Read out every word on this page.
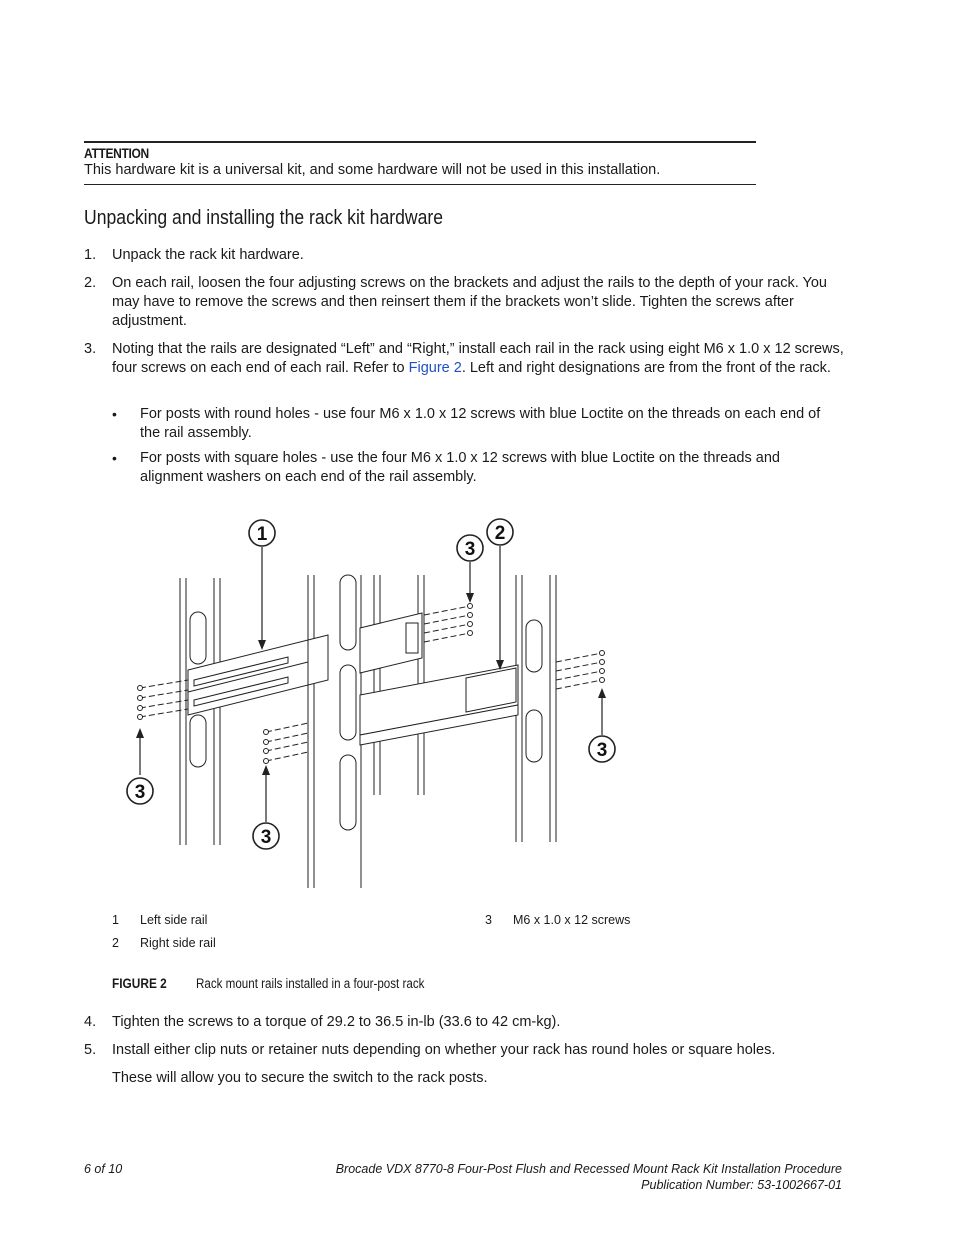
ATTENTION
This hardware kit is a universal kit, and some hardware will not be used in this installation.
Unpacking and installing the rack kit hardware
1. Unpack the rack kit hardware.
2. On each rail, loosen the four adjusting screws on the brackets and adjust the rails to the depth of your rack. You may have to remove the screws and then reinsert them if the brackets won’t slide. Tighten the screws after adjustment.
3. Noting that the rails are designated “Left” and “Right,” install each rail in the rack using eight M6 x 1.0 x 12 screws, four screws on each end of each rail. Refer to Figure 2. Left and right designations are from the front of the rack.
• For posts with round holes - use four M6 x 1.0 x 12 screws with blue Loctite on the threads on each end of the rail assembly.
• For posts with square holes - use the four M6 x 1.0 x 12 screws with blue Loctite on the threads and alignment washers on each end of the rail assembly.
1	2
3
3
3
3
1 Left side rail
2 Right side rail
3 M6 x 1.0 x 12 screws
FIGURE 2 Rack mount rails installed in a four-post rack
4. Tighten the screws to a torque of 29.2 to 36.5 in-lb (33.6 to 42 cm-kg).
5. Install either clip nuts or retainer nuts depending on whether your rack has round holes or square holes.
These will allow you to secure the switch to the rack posts.
6 of 10	Brocade VDX 8770-8 Four-Post Flush and Recessed Mount Rack Kit Installation Procedure
Publication Number: 53-1002667-01
